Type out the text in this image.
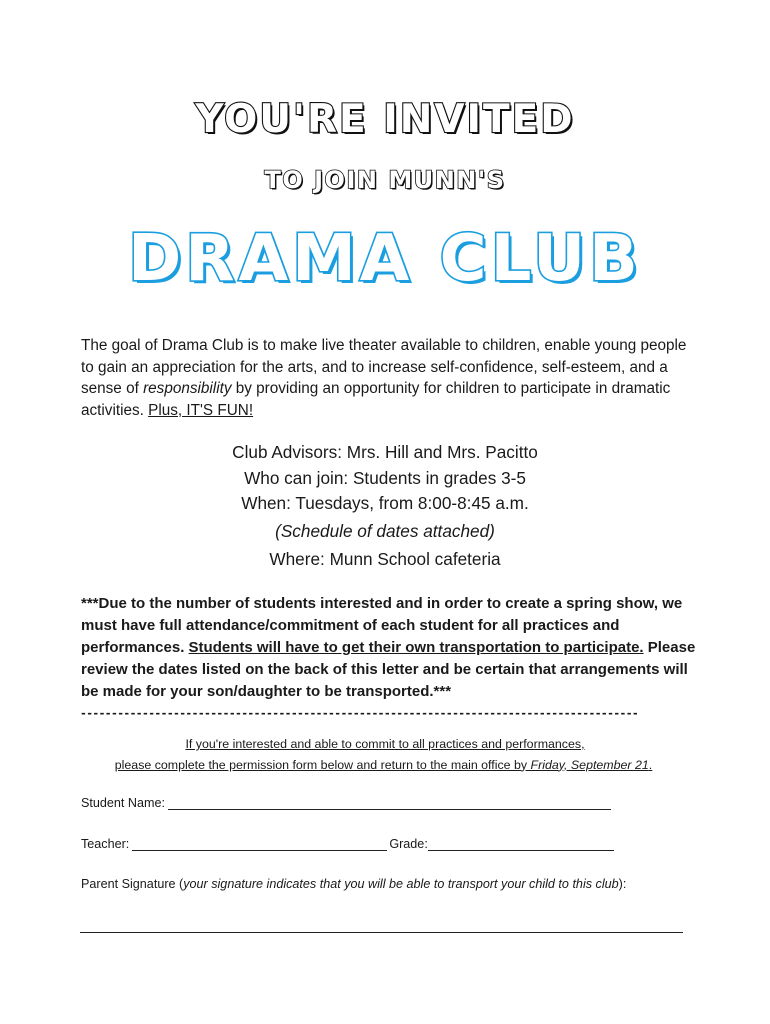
YOU'RE INVITED
TO JOIN MUNN'S
DRAMA CLUB

The goal of Drama Club is to make live theater available to children, enable young people to gain an appreciation for the arts, and to increase self-confidence, self-esteem, and a sense of responsibility by providing an opportunity for children to participate in dramatic activities. Plus, IT'S FUN!

Club Advisors: Mrs. Hill and Mrs. Pacitto
Who can join: Students in grades 3-5
When: Tuesdays, from 8:00-8:45 a.m.
(Schedule of dates attached)
Where: Munn School cafeteria

***Due to the number of students interested and in order to create a spring show, we must have full attendance/commitment of each student for all practices and performances. Students will have to get their own transportation to participate. Please review the dates listed on the back of this letter and be certain that arrangements will be made for your son/daughter to be transported.***

------------------------------------------------------------------------------------------
If you're interested and able to commit to all practices and performances,
please complete the permission form below and return to the main office by Friday, September 21.
Student Name:
Teacher:	Grade:
Parent Signature (your signature indicates that you will be able to transport your child to this club):
